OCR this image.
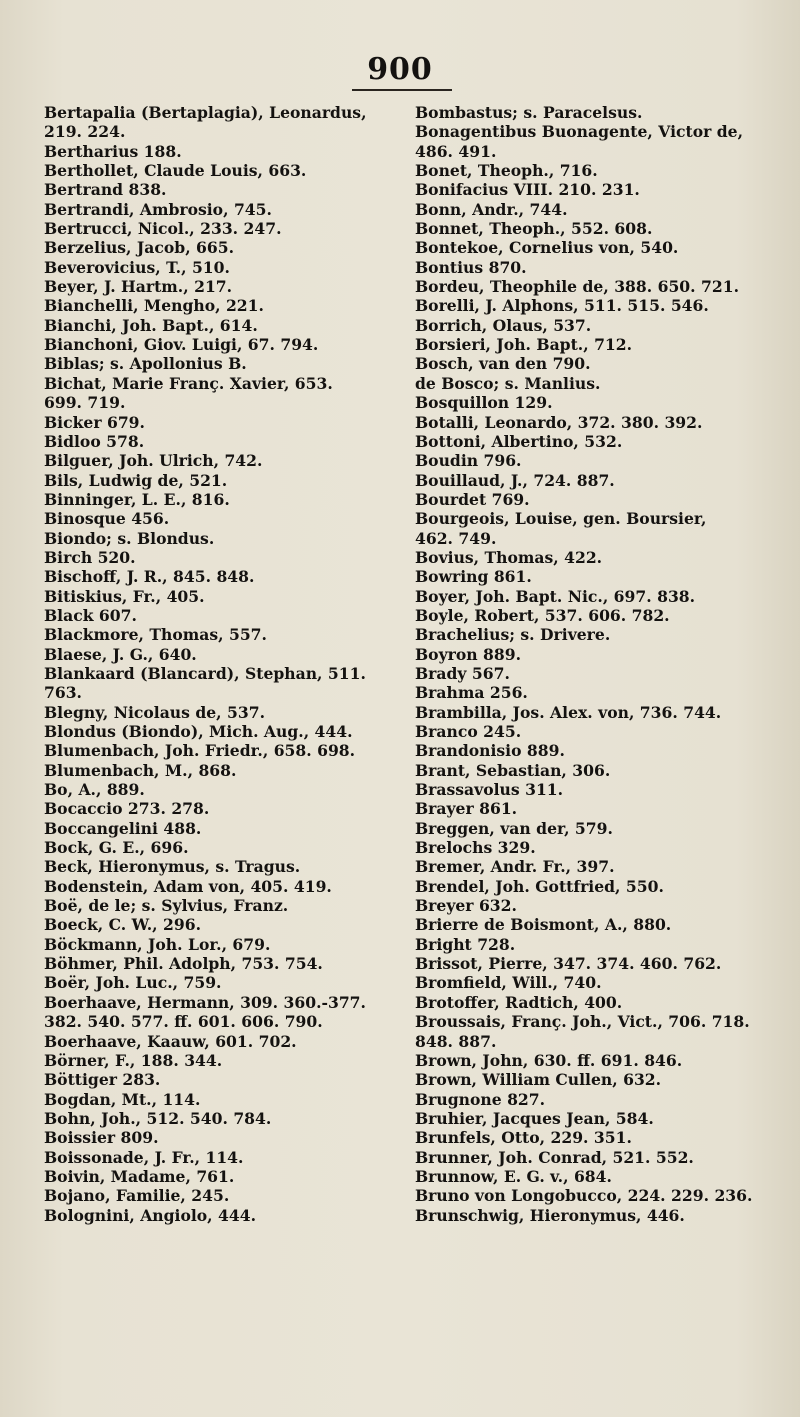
900
Bertapalia (Bertaplagia), Leonardus,
219. 224.
Bertharius 188.
Berthollet, Claude Louis, 663.
Bertrand 838.
Bertrandi, Ambrosio, 745.
Bertrucci, Nicol., 233. 247.
Berzelius, Jacob, 665.
Beverovicius, T., 510.
Beyer, J. Hartm., 217.
Bianchelli, Mengho, 221.
Bianchi, Joh. Bapt., 614.
Bianchoni, Giov. Luigi, 67. 794.
Biblas; s. Apollonius B.
Bichat, Marie Franç. Xavier, 653.
699. 719.
Bicker 679.
Bidloo 578.
Bilguer, Joh. Ulrich, 742.
Bils, Ludwig de, 521.
Binninger, L. E., 816.
Binosque 456.
Biondo; s. Blondus.
Birch 520.
Bischoff, J. R., 845. 848.
Bitiskius, Fr., 405.
Black 607.
Blackmore, Thomas, 557.
Blaese, J. G., 640.
Blankaard (Blancard), Stephan, 511.
763.
Blegny, Nicolaus de, 537.
Blondus (Biondo), Mich. Aug., 444.
Blumenbach, Joh. Friedr., 658. 698.
Blumenbach, M., 868.
Bo, A., 889.
Bocaccio 273. 278.
Boccangelini 488.
Bock, G. E., 696.
Beck, Hieronymus, s. Tragus.
Bodenstein, Adam von, 405. 419.
Boë, de le; s. Sylvius, Franz.
Boeck, C. W., 296.
Böckmann, Joh. Lor., 679.
Böhmer, Phil. Adolph, 753. 754.
Boër, Joh. Luc., 759.
Boerhaave, Hermann, 309. 360.-377.
382. 540. 577. ff. 601. 606. 790.
Boerhaave, Kaauw, 601. 702.
Börner, F., 188. 344.
Böttiger 283.
Bogdan, Mt., 114.
Bohn, Joh., 512. 540. 784.
Boissier 809.
Boissonade, J. Fr., 114.
Boivin, Madame, 761.
Bojano, Familie, 245.
Bolognini, Angiolo, 444.
Bombastus; s. Paracelsus.
Bonagentibus Buonagente, Victor de,
486. 491.
Bonet, Theoph., 716.
Bonifacius VIII. 210. 231.
Bonn, Andr., 744.
Bonnet, Theoph., 552. 608.
Bontekoe, Cornelius von, 540.
Bontius 870.
Bordeu, Theophile de, 388. 650. 721.
Borelli, J. Alphons, 511. 515. 546.
Borrich, Olaus, 537.
Borsieri, Joh. Bapt., 712.
Bosch, van den 790.
de Bosco; s. Manlius.
Bosquillon 129.
Botalli, Leonardo, 372. 380. 392.
Bottoni, Albertino, 532.
Boudin 796.
Bouillaud, J., 724. 887.
Bourdet 769.
Bourgeois, Louise, gen. Boursier,
462. 749.
Bovius, Thomas, 422.
Bowring 861.
Boyer, Joh. Bapt. Nic., 697. 838.
Boyle, Robert, 537. 606. 782.
Brachelius; s. Drivere.
Boyron 889.
Brady 567.
Brahma 256.
Brambilla, Jos. Alex. von, 736. 744.
Branco 245.
Brandonisio 889.
Brant, Sebastian, 306.
Brassavolus 311.
Brayer 861.
Breggen, van der, 579.
Brelochs 329.
Bremer, Andr. Fr., 397.
Brendel, Joh. Gottfried, 550.
Breyer 632.
Brierre de Boismont, A., 880.
Bright 728.
Brissot, Pierre, 347. 374. 460. 762.
Bromfield, Will., 740.
Brotoffer, Radtich, 400.
Broussais, Franç. Joh., Vict., 706. 718.
848. 887.
Brown, John, 630. ff. 691. 846.
Brown, William Cullen, 632.
Brugnone 827.
Bruhier, Jacques Jean, 584.
Brunfels, Otto, 229. 351.
Brunner, Joh. Conrad, 521. 552.
Brunnow, E. G. v., 684.
Bruno von Longobucco, 224. 229. 236.
Brunschwig, Hieronymus, 446.
